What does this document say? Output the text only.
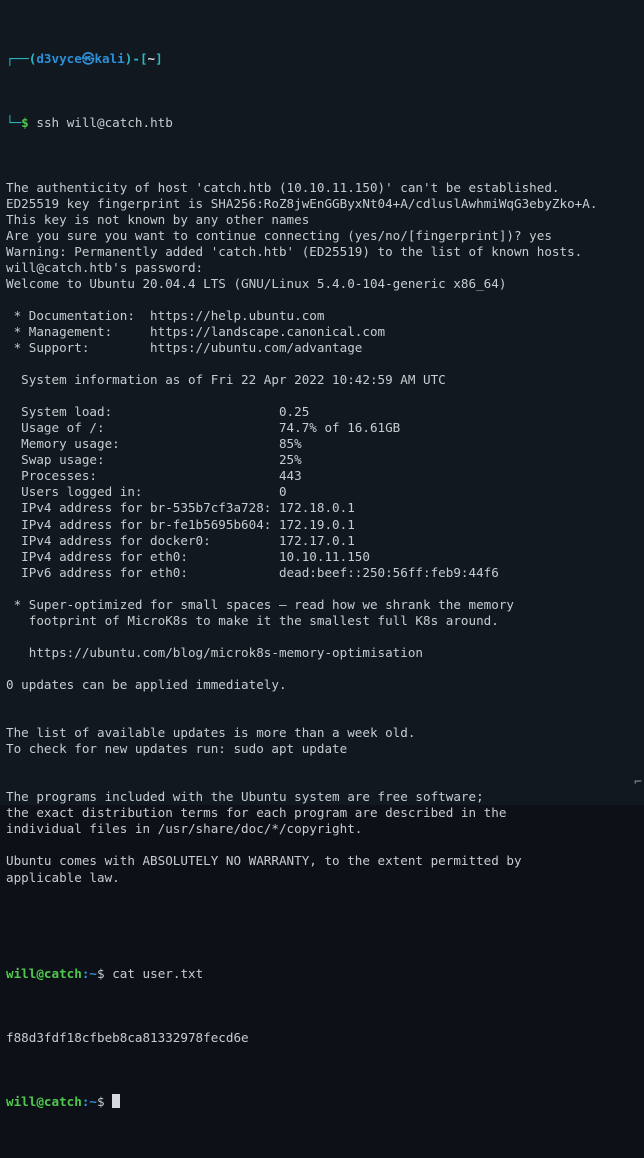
┌──(d3vyce㉿kali)-[~]

└─$ ssh will@catch.htb

The authenticity of host 'catch.htb (10.10.11.150)' can't be established.
ED25519 key fingerprint is SHA256:RoZ8jwEnGGByxNt04+A/cdluslAwhmiWqG3ebyZko+A.
This key is not known by any other names
Are you sure you want to continue connecting (yes/no/[fingerprint])? yes
Warning: Permanently added 'catch.htb' (ED25519) to the list of known hosts.
will@catch.htb's password:
Welcome to Ubuntu 20.04.4 LTS (GNU/Linux 5.4.0-104-generic x86_64)
* Documentation:  https://help.ubuntu.com
* Management:     https://landscape.canonical.com
* Support:        https://ubuntu.com/advantage
System information as of Fri 22 Apr 2022 10:42:59 AM UTC
System load:                      0.25
Usage of /:                       74.7% of 16.61GB
Memory usage:                     85%
Swap usage:                       25%
Processes:                        443
Users logged in:                  0
IPv4 address for br-535b7cf3a728: 172.18.0.1
IPv4 address for br-fe1b5695b604: 172.19.0.1
IPv4 address for docker0:         172.17.0.1
IPv4 address for eth0:            10.10.11.150
IPv6 address for eth0:            dead:beef::250:56ff:feb9:44f6
* Super-optimized for small spaces – read how we shrank the memory
footprint of MicroK8s to make it the smallest full K8s around.
https://ubuntu.com/blog/microk8s-memory-optimisation
0 updates can be applied immediately.
The list of available updates is more than a week old.
To check for new updates run: sudo apt update
The programs included with the Ubuntu system are free software;
the exact distribution terms for each program are described in the
individual files in /usr/share/doc/*/copyright.
Ubuntu comes with ABSOLUTELY NO WARRANTY, to the extent permitted by
applicable law.

will@catch:~$ cat user.txt

f88d3fdf18cfbeb8ca81332978fecd6e

will@catch:~$

⌐
